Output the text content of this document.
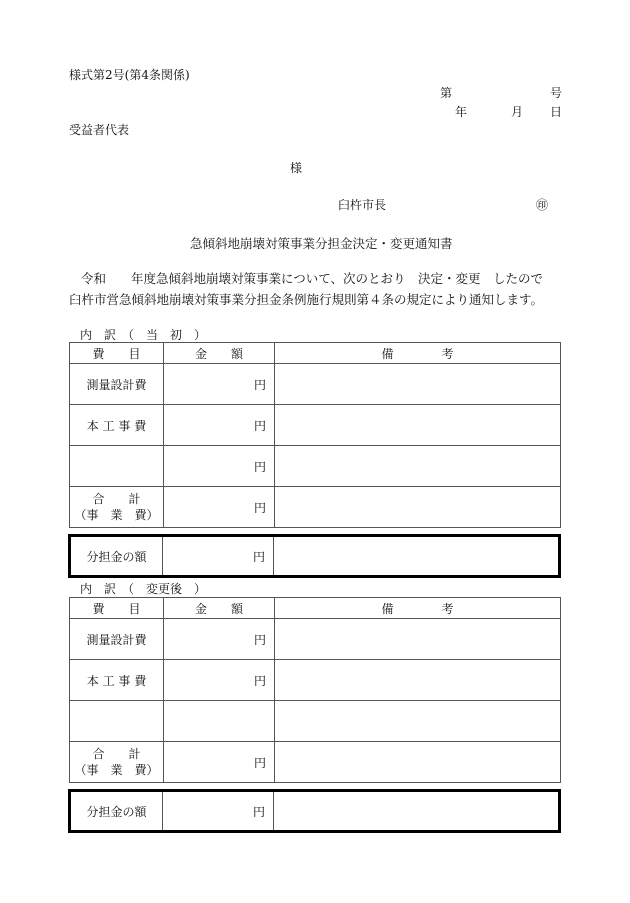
様式第2号(第4条関係)
第	号
年	月 日
受益者代表
様
臼杵市長	㊞
急傾斜地崩壊対策事業分担金決定・変更通知書
令和　　年度急傾斜地崩壊対策事業について、次のとおり　決定・変更　したので
臼杵市営急傾斜地崩壊対策事業分担金条例施行規則第４条の規定により通知します。
内　訳　（　当　初　）
費　　目	金　　額	備　　　　考
測量設計費	円	
本 工 事 費	円	
	円	

合　　計
（事　業　費）	円	
分担金の額	円	
内　訳　（　変更後　）
費　　目	金　　額	備　　　　考
測量設計費	円	
本 工 事 費	円	

合　　計
（事　業　費）	円	
分担金の額	円	
